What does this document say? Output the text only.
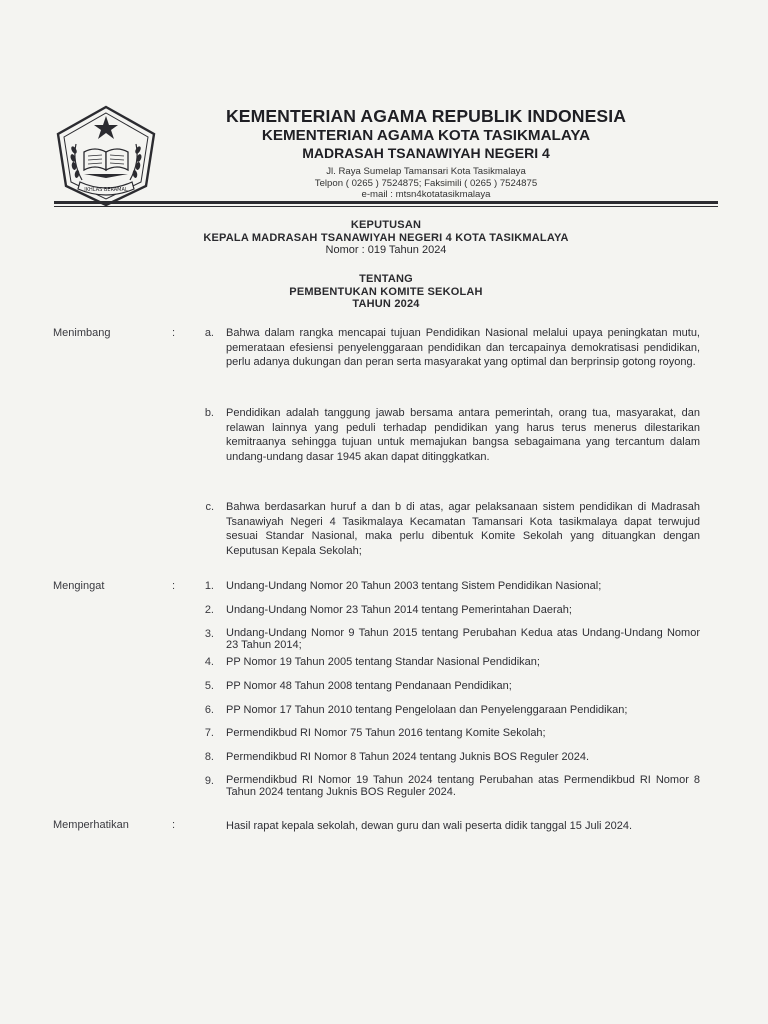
IKHLAS BERAMAL
KEMENTERIAN AGAMA REPUBLIK INDONESIA
KEMENTERIAN AGAMA KOTA TASIKMALAYA
MADRASAH TSANAWIYAH NEGERI 4
Jl. Raya Sumelap Tamansari Kota Tasikmalaya
Telpon ( 0265 ) 7524875; Faksimili ( 0265 ) 7524875
e-mail : mtsn4kotatasikmalaya
KEPUTUSAN
KEPALA MADRASAH TSANAWIYAH NEGERI 4 KOTA TASIKMALAYA
Nomor : 019 Tahun 2024
TENTANG
PEMBENTUKAN KOMITE SEKOLAH
TAHUN 2024
Menimbang	:	a. Bahwa dalam rangka mencapai tujuan Pendidikan Nasional melalui upaya peningkatan mutu, pemerataan efesiensi penyelenggaraan pendidikan dan tercapainya demokratisasi pendidikan, perlu adanya dukungan dan peran serta masyarakat yang optimal dan berprinsip gotong royong.
b. Pendidikan adalah tanggung jawab bersama antara pemerintah, orang tua, masyarakat, dan relawan lainnya yang peduli terhadap pendidikan yang harus terus menerus dilestarikan kemitraanya sehingga tujuan untuk memajukan bangsa sebagaimana yang tercantum dalam undang-undang dasar 1945 akan dapat ditinggkatkan.
c. Bahwa berdasarkan huruf a dan b di atas, agar pelaksanaan sistem pendidikan di Madrasah Tsanawiyah Negeri 4 Tasikmalaya Kecamatan Tamansari Kota tasikmalaya dapat terwujud sesuai Standar Nasional, maka perlu dibentuk Komite Sekolah yang dituangkan dengan Keputusan Kepala Sekolah;
Mengingat	:	1. Undang-Undang Nomor 20 Tahun 2003 tentang Sistem Pendidikan Nasional;
2. Undang-Undang Nomor 23 Tahun 2014 tentang Pemerintahan Daerah;
3. Undang-Undang Nomor 9 Tahun 2015 tentang Perubahan Kedua atas Undang-Undang Nomor 23 Tahun 2014;
4. PP Nomor 19 Tahun 2005 tentang Standar Nasional Pendidikan;
5. PP Nomor 48 Tahun 2008 tentang Pendanaan Pendidikan;
6. PP Nomor 17 Tahun 2010 tentang Pengelolaan dan Penyelenggaraan Pendidikan;
7. Permendikbud RI Nomor 75 Tahun 2016 tentang Komite Sekolah;
8. Permendikbud RI Nomor 8 Tahun 2024 tentang Juknis BOS Reguler 2024.
9. Permendikbud RI Nomor 19 Tahun 2024 tentang Perubahan atas Permendikbud RI Nomor 8 Tahun 2024 tentang Juknis BOS Reguler 2024.
Memperhatikan	:	Hasil rapat kepala sekolah, dewan guru dan wali peserta didik tanggal 15 Juli 2024.
